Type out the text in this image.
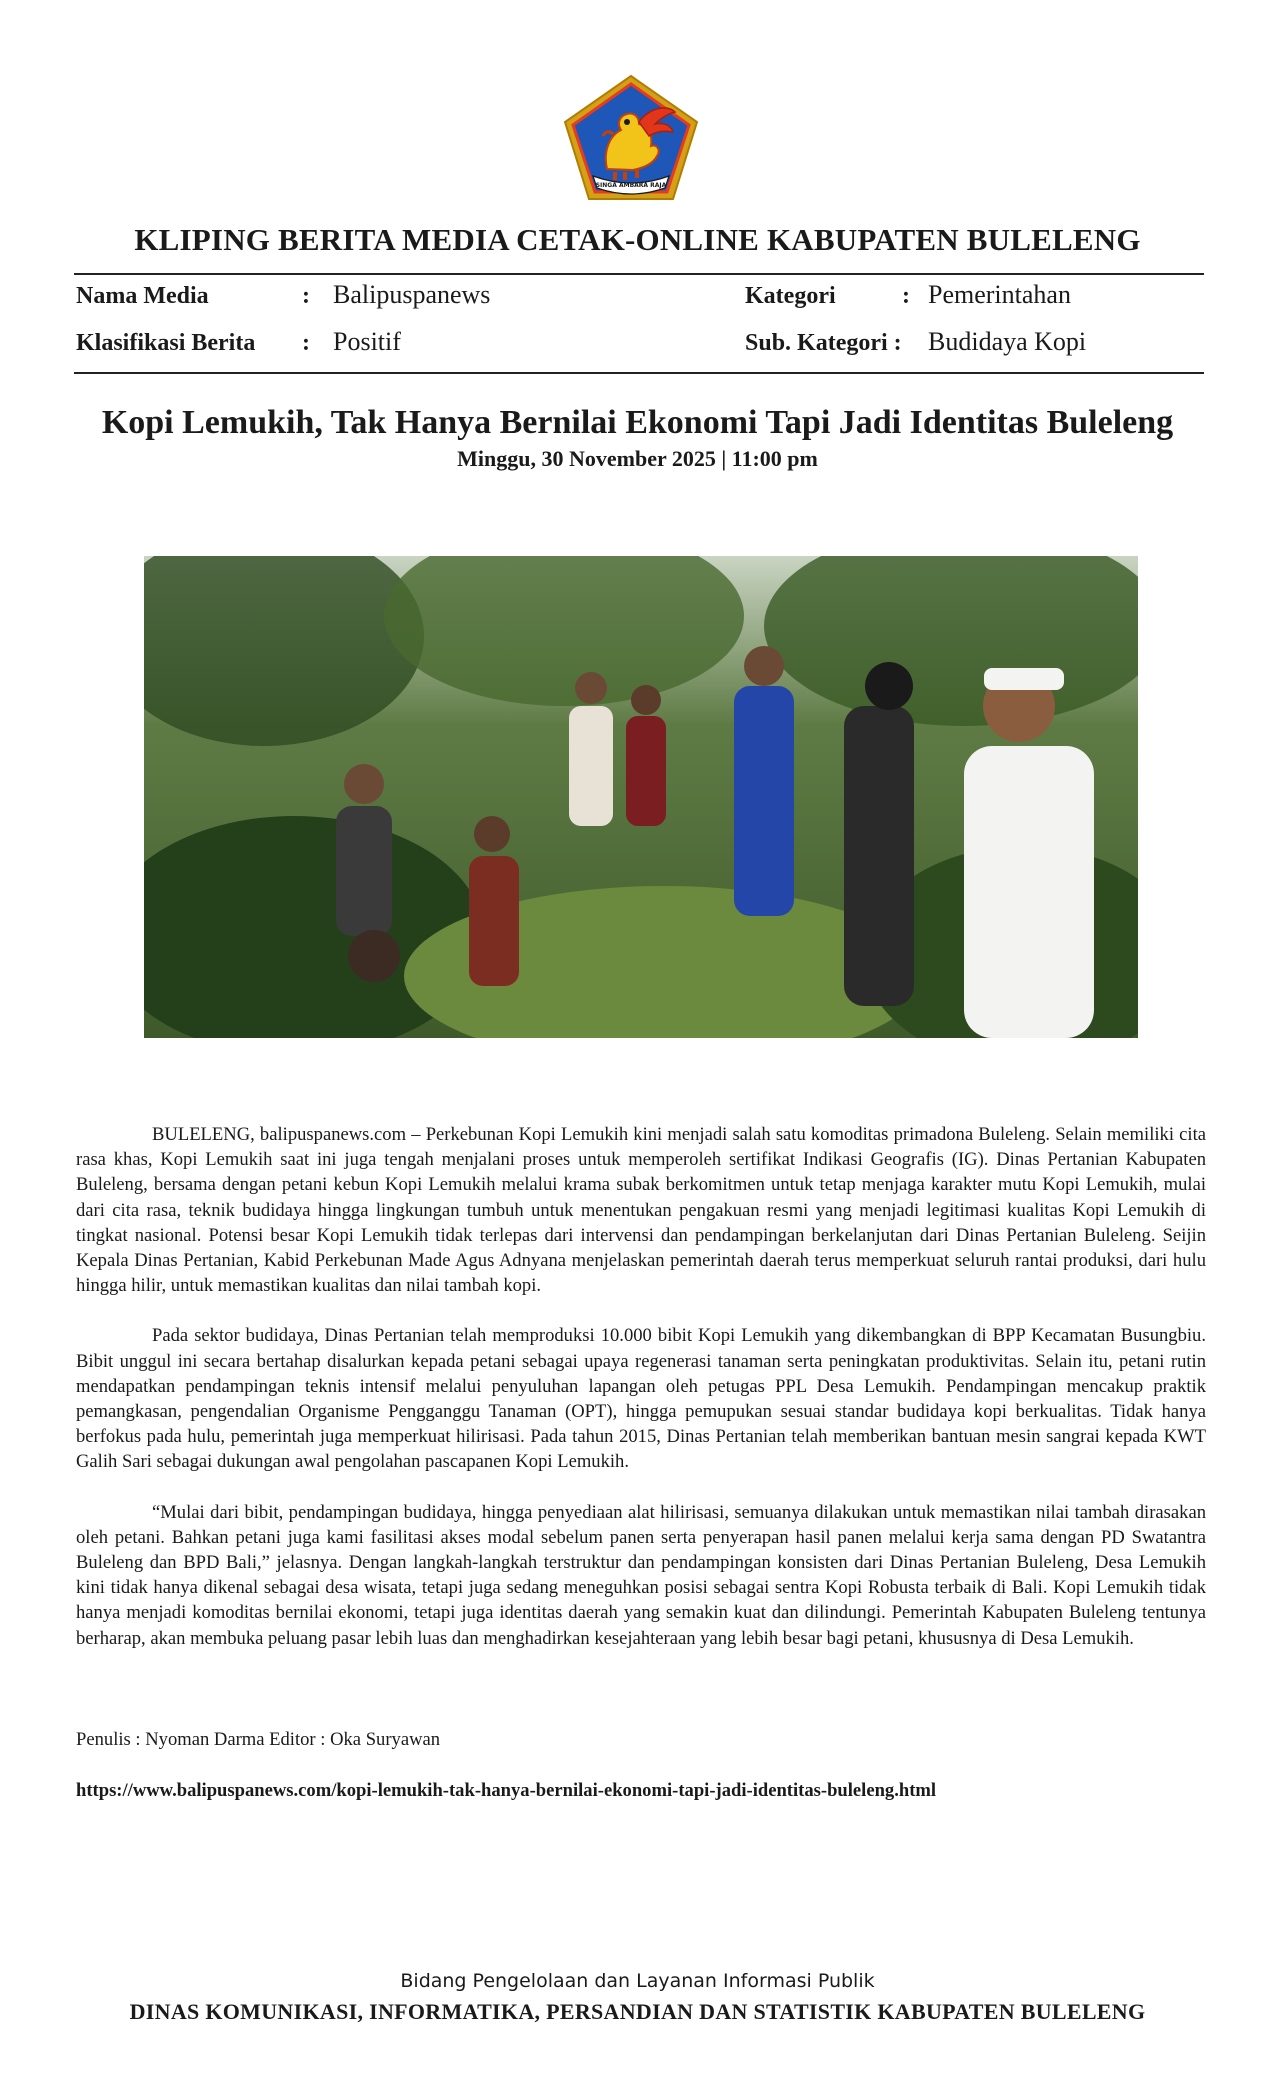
SINGA AMBARA RAJA
KLIPING BERITA MEDIA CETAK-ONLINE KABUPATEN BULELENG
Nama Media	: Balipuspanews
Klasifikasi Berita : Positif
Kategori	: Pemerintahan
Sub. Kategori : Budidaya Kopi
Kopi Lemukih, Tak Hanya Bernilai Ekonomi Tapi Jadi Identitas Buleleng
Minggu, 30 November 2025 | 11:00 pm

BULELENG, balipuspanews.com – Perkebunan Kopi Lemukih kini menjadi salah satu komoditas primadona Buleleng. Selain memiliki cita rasa khas, Kopi Lemukih saat ini juga tengah menjalani proses untuk memperoleh sertifikat Indikasi Geografis (IG). Dinas Pertanian Kabupaten Buleleng, bersama dengan petani kebun Kopi Lemukih melalui krama subak berkomitmen untuk tetap menjaga karakter mutu Kopi Lemukih, mulai dari cita rasa, teknik budidaya hingga lingkungan tumbuh untuk menentukan pengakuan resmi yang menjadi legitimasi kualitas Kopi Lemukih di tingkat nasional. Potensi besar Kopi Lemukih tidak terlepas dari intervensi dan pendampingan berkelanjutan dari Dinas Pertanian Buleleng. Seijin Kepala Dinas Pertanian, Kabid Perkebunan Made Agus Adnyana menjelaskan pemerintah daerah terus memperkuat seluruh rantai produksi, dari hulu hingga hilir, untuk memastikan kualitas dan nilai tambah kopi.

Pada sektor budidaya, Dinas Pertanian telah memproduksi 10.000 bibit Kopi Lemukih yang dikembangkan di BPP Kecamatan Busungbiu. Bibit unggul ini secara bertahap disalurkan kepada petani sebagai upaya regenerasi tanaman serta peningkatan produktivitas. Selain itu, petani rutin mendapatkan pendampingan teknis intensif melalui penyuluhan lapangan oleh petugas PPL Desa Lemukih. Pendampingan mencakup praktik pemangkasan, pengendalian Organisme Pengganggu Tanaman (OPT), hingga pemupukan sesuai standar budidaya kopi berkualitas. Tidak hanya berfokus pada hulu, pemerintah juga memperkuat hilirisasi. Pada tahun 2015, Dinas Pertanian telah memberikan bantuan mesin sangrai kepada KWT Galih Sari sebagai dukungan awal pengolahan pascapanen Kopi Lemukih.

“Mulai dari bibit, pendampingan budidaya, hingga penyediaan alat hilirisasi, semuanya dilakukan untuk memastikan nilai tambah dirasakan oleh petani. Bahkan petani juga kami fasilitasi akses modal sebelum panen serta penyerapan hasil panen melalui kerja sama dengan PD Swatantra Buleleng dan BPD Bali,” jelasnya. Dengan langkah-langkah terstruktur dan pendampingan konsisten dari Dinas Pertanian Buleleng, Desa Lemukih kini tidak hanya dikenal sebagai desa wisata, tetapi juga sedang meneguhkan posisi sebagai sentra Kopi Robusta terbaik di Bali. Kopi Lemukih tidak hanya menjadi komoditas bernilai ekonomi, tetapi juga identitas daerah yang semakin kuat dan dilindungi. Pemerintah Kabupaten Buleleng tentunya berharap, akan membuka peluang pasar lebih luas dan menghadirkan kesejahteraan yang lebih besar bagi petani, khususnya di Desa Lemukih.

Penulis : Nyoman Darma Editor : Oka Suryawan
https://www.balipuspanews.com/kopi-lemukih-tak-hanya-bernilai-ekonomi-tapi-jadi-identitas-buleleng.html
Bidang Pengelolaan dan Layanan Informasi Publik
DINAS KOMUNIKASI, INFORMATIKA, PERSANDIAN DAN STATISTIK KABUPATEN BULELENG
